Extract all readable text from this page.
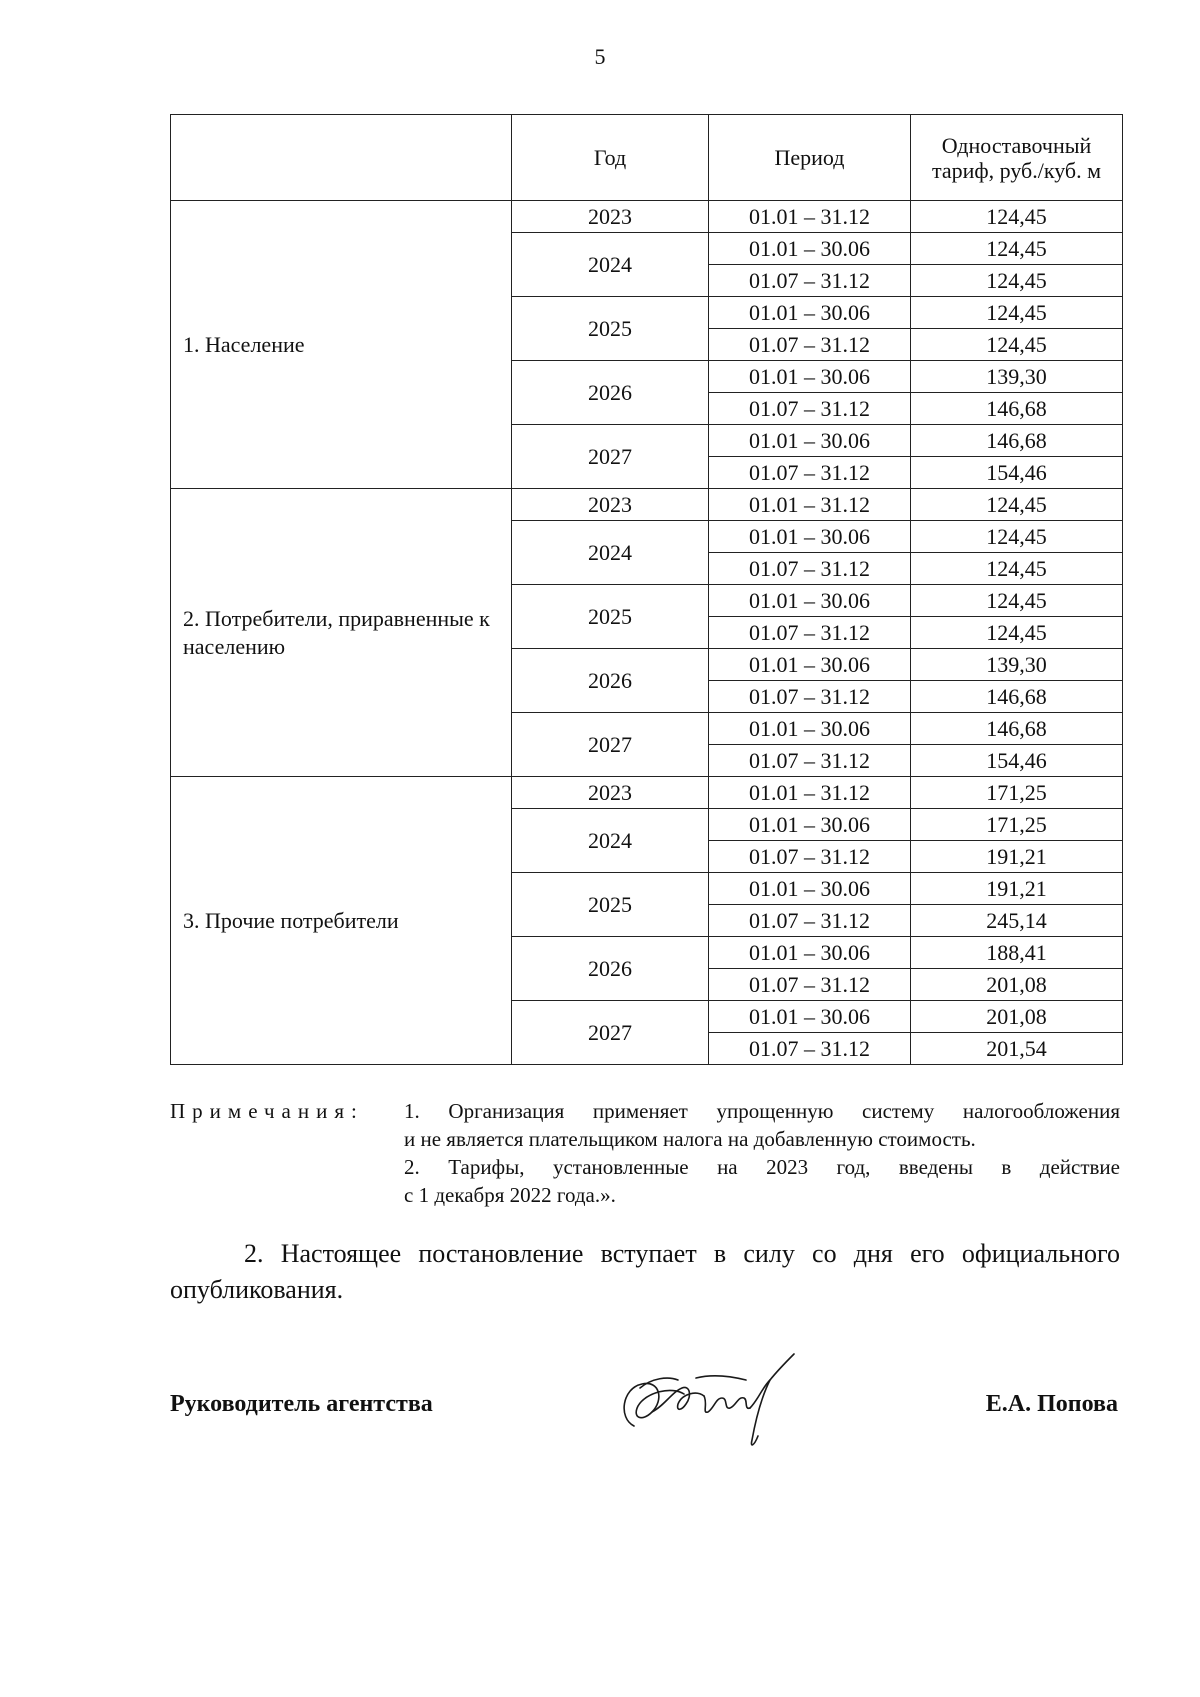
5
	Год	Период	Одноставочный тариф, руб./куб. м
1. Население	2023	01.01 – 31.12	124,45
	2024	01.01 – 30.06	124,45
		01.07 – 31.12	124,45
	2025	01.01 – 30.06	124,45
		01.07 – 31.12	124,45
	2026	01.01 – 30.06	139,30
		01.07 – 31.12	146,68
	2027	01.01 – 30.06	146,68
		01.07 – 31.12	154,46
2. Потребители, приравненные к населению	2023	01.01 – 31.12	124,45
	2024	01.01 – 30.06	124,45
		01.07 – 31.12	124,45
	2025	01.01 – 30.06	124,45
		01.07 – 31.12	124,45
	2026	01.01 – 30.06	139,30
		01.07 – 31.12	146,68
	2027	01.01 – 30.06	146,68
		01.07 – 31.12	154,46
3. Прочие потребители	2023	01.01 – 31.12	171,25
	2024	01.01 – 30.06	171,25
		01.07 – 31.12	191,21
	2025	01.01 – 30.06	191,21
		01.07 – 31.12	245,14
	2026	01.01 – 30.06	188,41
		01.07 – 31.12	201,08
	2027	01.01 – 30.06	201,08
		01.07 – 31.12	201,54
Примечания: 1. Организация применяет упрощенную систему налогообложения

и не является плательщиком налога на добавленную стоимость.

2. Тарифы, установленные на 2023 год, введены в действие

с 1 декабря 2022 года.».

2. Настоящее постановление вступает в силу со дня его официального

опубликования.

Руководитель агентства	Е.А. Попова
